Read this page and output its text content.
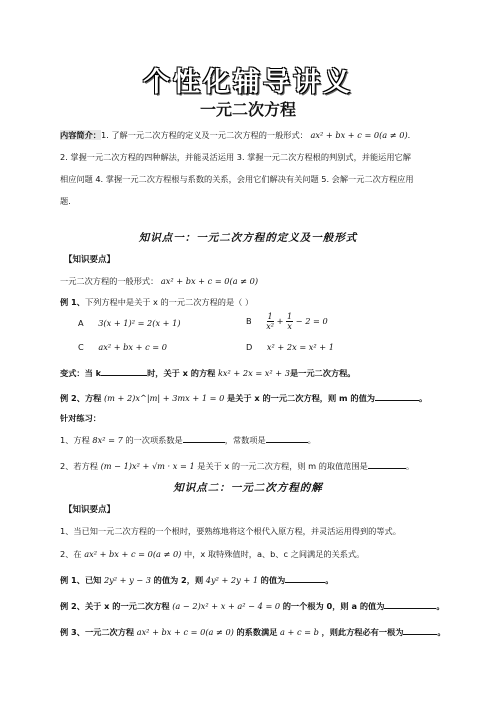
个性化辅导讲义
一元二次方程
内容简介：1. 了解一元二次方程的定义及一元二次方程的一般形式： ax² + bx + c = 0(a ≠ 0).
2. 掌握一元二次方程的四种解法，并能灵活运用 3. 掌握一元二次方程根的判别式，并能运用它解
相应问题 4. 掌握一元二次方程根与系数的关系，会用它们解决有关问题 5. 会解一元二次方程应用
题.
知识点一：一元二次方程的定义及一般形式
【知识要点】
一元二次方程的一般形式： ax² + bx + c = 0(a ≠ 0)
例 1、下列方程中是关于 x 的一元二次方程的是（ ）
A 3(x + 1)² = 2(x + 1)	B $\frac{1}{\text{x²}} + \frac{1}{x} - 2 = 0$
C ax² + bx + c = 0	D x² + 2x = x² + 1
变式：当 k	时，关于 x 的方程 kx² + 2x = x² + 3是一元二次方程。
例 2、方程 (m + 2)x^|m| + 3mx + 1 = 0 是关于 x 的一元二次方程，则 m 的值为	。
针对练习：
1、方程 8x² = 7 的一次项系数是	，常数项是	。
2、若方程 (m − 1)x² + √m · x = 1 是关于 x 的一元二次方程，则 m 的取值范围是	。
知识点二：一元二次方程的解
【知识要点】
1、当已知一元二次方程的一个根时，要熟练地将这个根代入原方程，并灵活运用得到的等式。
2、在 ax² + bx + c = 0(a ≠ 0) 中，x 取特殊值时，a、b、c 之间满足的关系式。
例 1、已知 2y² + y − 3 的值为 2，则 4y² + 2y + 1 的值为	。
例 2、关于 x 的一元二次方程 (a − 2)x² + x + a² − 4 = 0 的一个根为 0，则 a 的值为	。
例 3、一元二次方程 ax² + bx + c = 0(a ≠ 0) 的系数满足 a + c = b ，则此方程必有一根为	。
